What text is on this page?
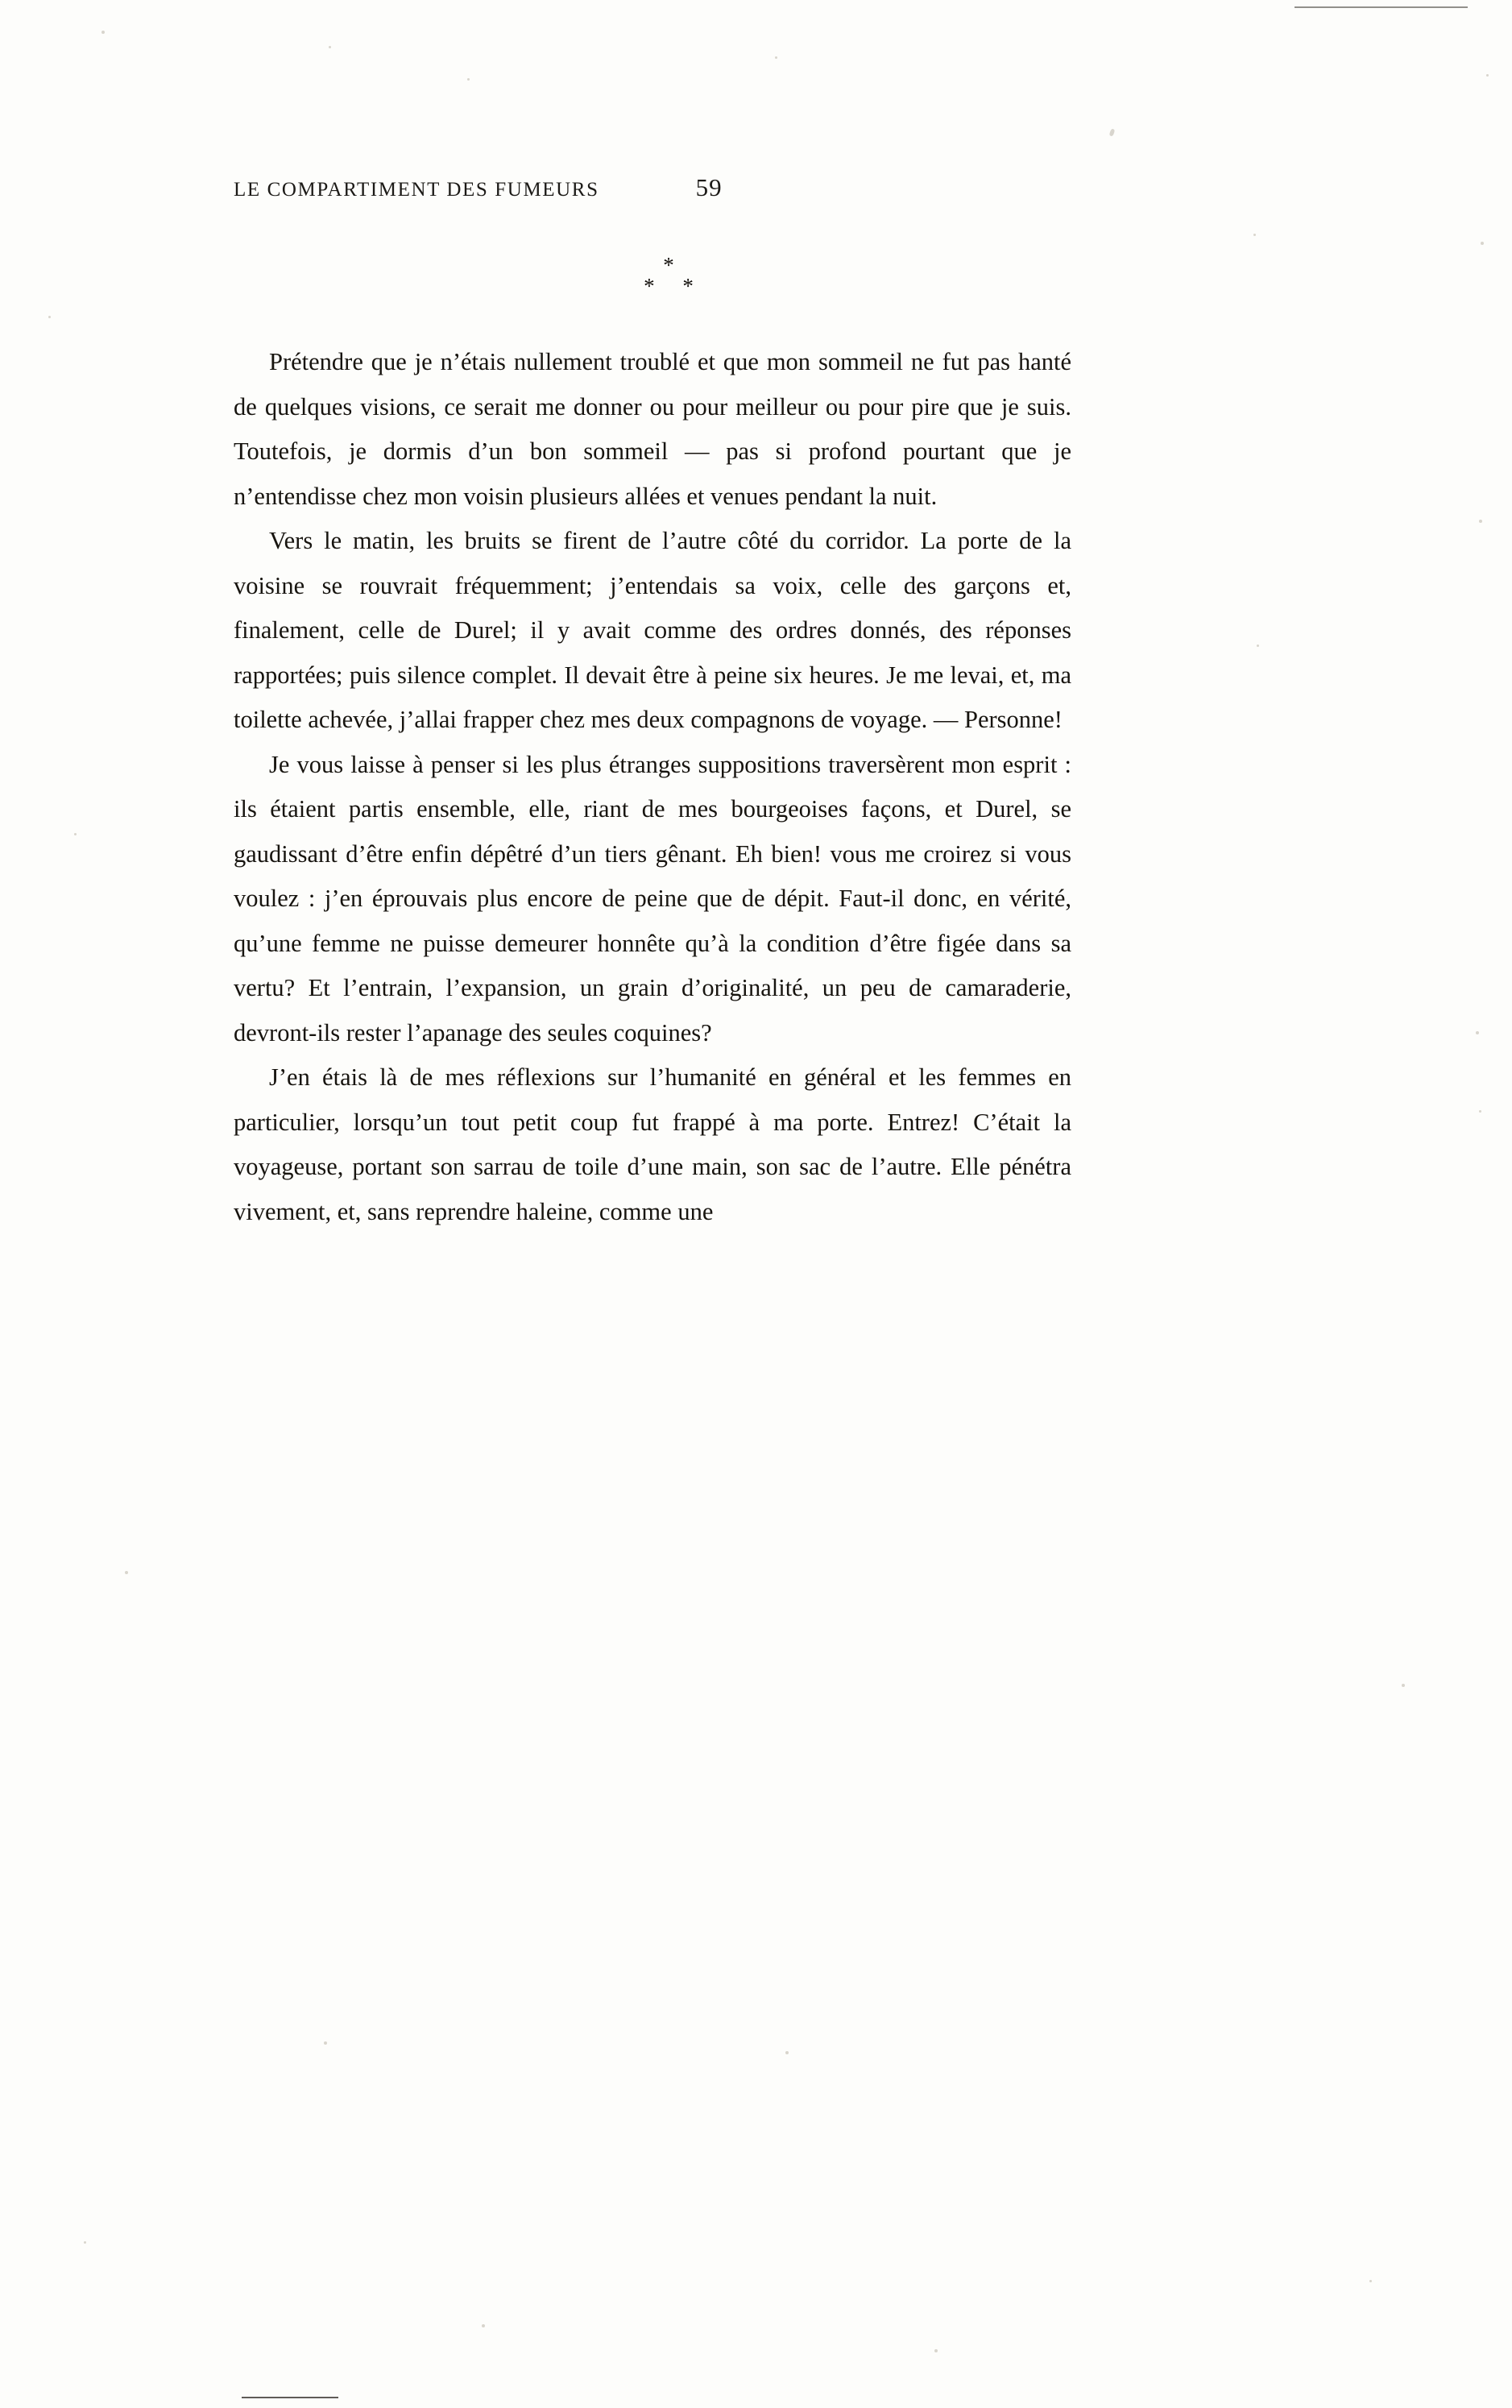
LE COMPARTIMENT DES FUMEURS	59
*
* *

Prétendre que je n’étais nullement troublé et que mon sommeil ne fut pas hanté de quelques visions, ce serait me donner ou pour meilleur ou pour pire que je suis. Toutefois, je dormis d’un bon sommeil — pas si profond pourtant que je n’entendisse chez mon voisin plusieurs allées et venues pendant la nuit.

Vers le matin, les bruits se firent de l’autre côté du corridor. La porte de la voisine se rouvrait fréquemment; j’entendais sa voix, celle des garçons et, finalement, celle de Durel; il y avait comme des ordres donnés, des réponses rapportées; puis silence complet. Il devait être à peine six heures. Je me levai, et, ma toilette achevée, j’allai frapper chez mes deux compagnons de voyage. — Personne!

Je vous laisse à penser si les plus étranges suppositions traversèrent mon esprit : ils étaient partis ensemble, elle, riant de mes bourgeoises façons, et Durel, se gaudissant d’être enfin dépêtré d’un tiers gênant. Eh bien! vous me croirez si vous voulez : j’en éprouvais plus encore de peine que de dépit. Faut-il donc, en vérité, qu’une femme ne puisse demeurer honnête qu’à la condition d’être figée dans sa vertu? Et l’entrain, l’expansion, un grain d’originalité, un peu de camaraderie, devront-ils rester l’apanage des seules coquines?

J’en étais là de mes réflexions sur l’humanité en général et les femmes en particulier, lorsqu’un tout petit coup fut frappé à ma porte. Entrez! C’était la voyageuse, portant son sarrau de toile d’une main, son sac de l’autre. Elle pénétra vivement, et, sans reprendre haleine, comme une
